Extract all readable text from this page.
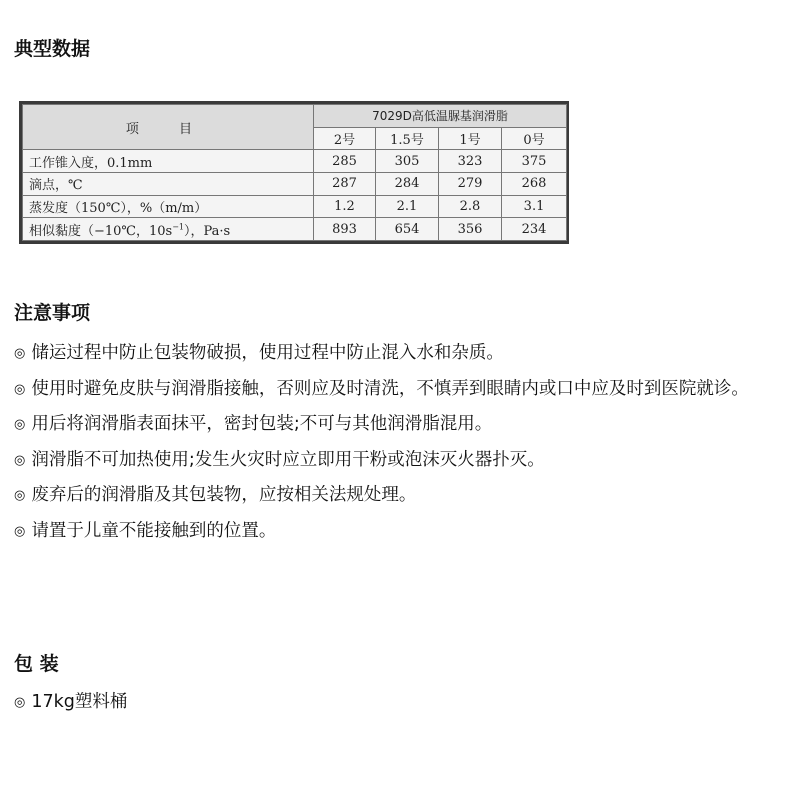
典型数据
项 目	7029D高低温脲基润滑脂			
	2号	1.5号	1号	0号
工作锥入度，0.1mm	285	305	323	375
滴点，℃	287	284	279	268
蒸发度（150℃），%（m/m）	1.2	2.1	2.8	3.1
相似黏度（−10℃，$10s^{-1}$），Pa·s	893	654	356	234
注意事项
◎ 储运过程中防止包装物破损，使用过程中防止混入水和杂质。
◎ 使用时避免皮肤与润滑脂接触，否则应及时清洗，不慎弄到眼睛内或口中应及时到医院就诊。
◎ 用后将润滑脂表面抹平，密封包装;不可与其他润滑脂混用。
◎ 润滑脂不可加热使用;发生火灾时应立即用干粉或泡沫灭火器扑灭。
◎ 废弃后的润滑脂及其包装物，应按相关法规处理。
◎ 请置于儿童不能接触到的位置。
包 装
◎ 17kg塑料桶
